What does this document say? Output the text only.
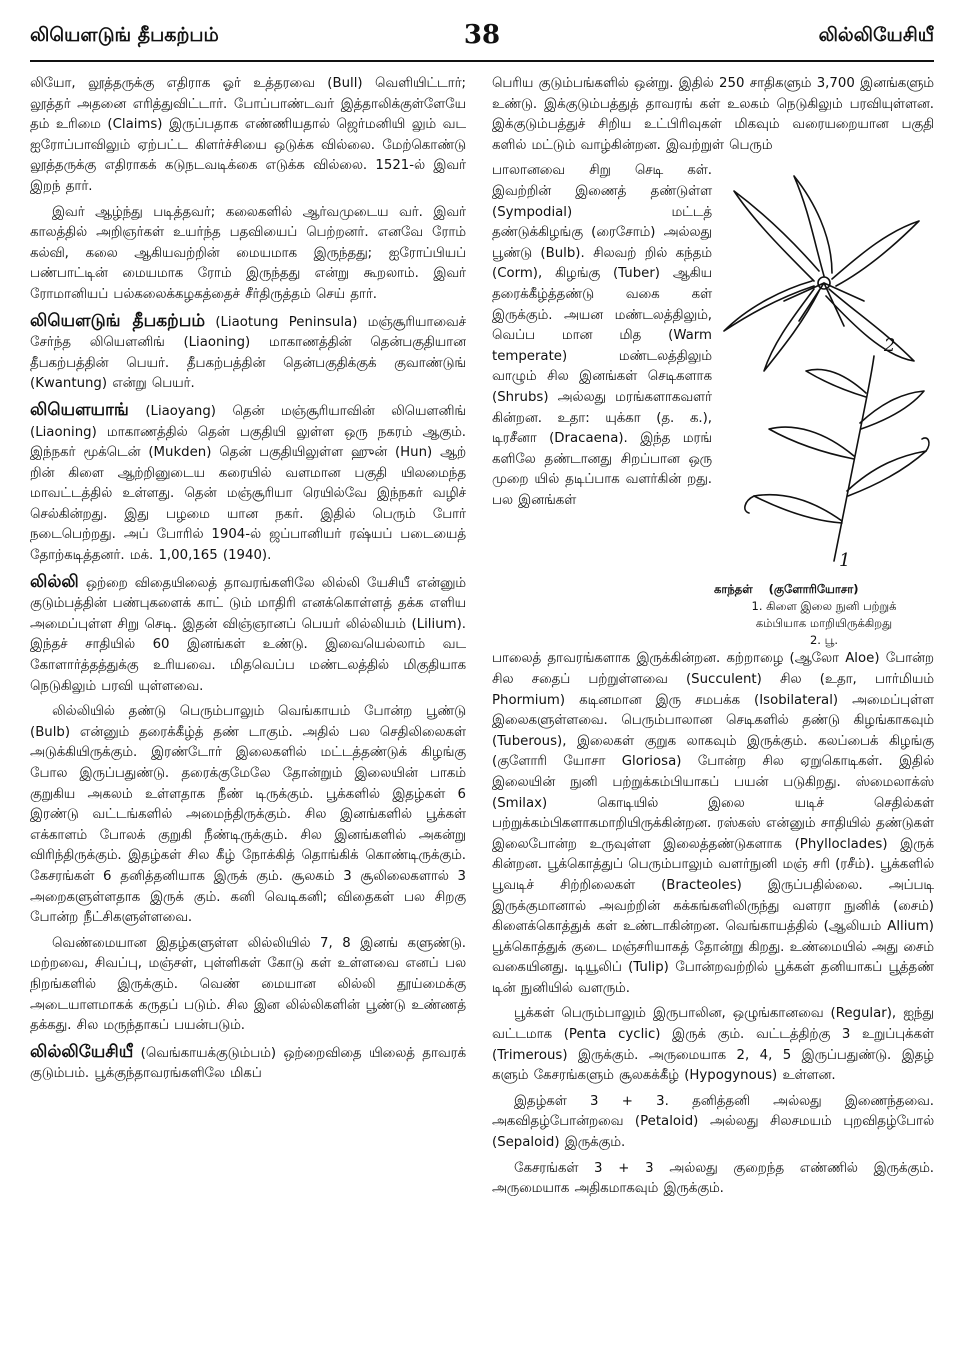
லியௌடுங் தீபகற்பம்	38	லில்லியேசியீ

லியோ, லூத்தருக்கு எதிராக ஓர் உத்தரவை (Bull) வெளியிட்டார்; லூத்தர் அதனை எரித்துவிட்டார். போப்பாண்டவர் இத்தாலிக்குள்ளேயே தம் உரிமை (Claims) இருப்பதாக எண்ணியதால் ஜெர்மனியி லும் வட ஐரோப்பாவிலும் ஏற்பட்ட கிளர்ச்சியை ஒடுக்க வில்லை. மேற்கொண்டு லூத்தருக்கு எதிராகக் கடுநடவடிக்கை எடுக்க வில்லை. 1521-ல் இவர் இறந் தார்.

இவர் ஆழ்ந்து படித்தவர்; கலைகளில் ஆர்வமுடைய வர். இவர் காலத்தில் அறிஞர்கள் உயர்ந்த பதவியைப் பெற்றனர். எனவே ரோம் கல்வி, கலை ஆகியவற்றின் மையமாக இருந்தது; ஐரோப்பியப் பண்பாட்டின் மையமாக ரோம் இருந்தது என்று கூறலாம். இவர் ரோமானியப் பல்கலைக்கழகத்தைச் சீர்திருத்தம் செய் தார்.

லியௌடுங் தீபகற்பம் (Liaotung Peninsula) மஞ்சூரியாவைச் சேர்ந்த லியௌனிங் (Liaoning) மாகாணத்தின் தென்பகுதியான தீபகற்பத்தின் பெயர். தீபகற்பத்தின் தென்பகுதிக்குக் குவாண்டுங் (Kwantung) என்று பெயர்.

லியௌயாங் (Liaoyang) தென் மஞ்சூரியாவின் லியௌனிங் (Liaoning) மாகாணத்தில் தென் பகுதியி லுள்ள ஒரு நகரம் ஆகும். இந்நகர் மூக்டென் (Mukden) தென் பகுதியிலுள்ள ஹுன் (Hun) ஆற் றின் கிளை ஆற்றினுடைய கரையில் வளமான பகுதி யிலமைந்த மாவட்டத்தில் உள்ளது. தென் மஞ்சூரியா ரெயில்வே இந்நகர் வழிச் செல்கின்றது. இது பழமை யான நகர். இதில் பெரும் போர் நடைபெற்றது. அப் போரில் 1904-ல் ஜப்பானியர் ரஷ்யப் படையைத் தோற்கடித்தனர். மக். 1,00,165 (1940).

லில்லி ஒற்றை விதையிலைத் தாவரங்களிலே லில்லி யேசியீ என்னும் குடும்பத்தின் பண்புகளைக் காட் டும் மாதிரி எனக்கொள்ளத் தக்க எளிய அமைப்புள்ள சிறு செடி. இதன் விஞ்ஞானப் பெயர் லில்லியம் (Lilium). இந்தச் சாதியில் 60 இனங்கள் உண்டு. இவையெல்லாம் வட கோளார்த்தத்துக்கு உரியவை. மிதவெப்ப மண்டலத்தில் மிகுதியாக நெடுகிலும் பரவி யுள்ளவை.

லில்லியில் தண்டு பெரும்பாலும் வெங்காயம் போன்ற பூண்டு (Bulb) என்னும் தரைக்கீழ்த் தண் டாகும். அதில் பல செதிலிலைகள் அடுக்கியிருக்கும். இரண்டோர் இலைகளில் மட்டத்தண்டுக் கிழங்கு போல இருப்பதுண்டு. தரைக்குமேலே தோன்றும் இலையின் பாகம் குறுகிய அகலம் உள்ளதாக நீண் டிருக்கும். பூக்களில் இதழ்கள் 6 இரண்டு வட்டங்களில் அமைந்திருக்கும். சில இனங்களில் பூக்கள் எக்காளம் போலக் குறுகி நீண்டிருக்கும். சில இனங்களில் அகன்று விரிந்திருக்கும். இதழ்கள் சில கீழ் நோக்கித் தொங்கிக் கொண்டிருக்கும். கேசரங்கள் 6 தனித்தனியாக இருக் கும். சூலகம் 3 சூலிலைகளால் 3 அறைகளுள்ளதாக இருக் கும். கனி வெடிகனி; விதைகள் பல சிறகு போன்ற நீட்சிகளுள்ளவை.

வெண்மையான இதழ்களுள்ள லில்லியில் 7, 8 இனங் களுண்டு. மற்றவை, சிவப்பு, மஞ்சள், புள்ளிகள் கோடு கள் உள்ளவை எனப் பல நிறங்களில் இருக்கும். வெண் மையான லில்லி தூய்மைக்கு அடையாளமாகக் கருதப் படும். சில இன லில்லிகளின் பூண்டு உண்ணத் தக்கது. சில மருந்தாகப் பயன்படும்.

லில்லியேசியீ (வெங்காயக்குடும்பம்) ஒற்றைவிதை யிலைத் தாவரக் குடும்பம். பூக்குந்தாவரங்களிலே மிகப்

பெரிய குடும்பங்களில் ஒன்று. இதில் 250 சாதிகளும் 3,700 இனங்களும் உண்டு. இக்குடும்பத்துத் தாவரங் கள் உலகம் நெடுகிலும் பரவியுள்ளன. இக்குடும்பத்துச் சிறிய உட்பிரிவுகள் மிகவும் வரையறையான பகுதி களில் மட்டும் வாழ்கின்றன. இவற்றுள் பெரும்

2
1

காந்தள் (குளோரியோசா)

1. கிளை இலை நுனி பற்றுக்

கம்பியாக மாறியிருக்கிறது

2. பூ.

பாலானவை சிறு செடி கள். இவற்றின் இணைத் தண்டுள்ள (Sympodial) மட்டத் தண்டுக்கிழங்கு (ரைசோம்) அல்லது பூண்டு (Bulb). சிலவற் றில் கந்தம் (Corm), கிழங்கு (Tuber) ஆகிய தரைக்கீழ்த்தண்டு வகை கள் இருக்கும். அயன மண்டலத்திலும், வெப்ப மான மித (Warm temperate) மண்டலத்திலும் வாழும் சில இனங்கள் செடிகளாக (Shrubs) அல்லது மரங்களாகவளர் கின்றன. உதா: யுக்கா (த. க.), டிரசீனா (Dracaena). இந்த மரங் களிலே தண்டானது சிறப்பான ஒரு முறை யில் தடிப்பாக வளர்கின் றது. பல இனங்கள்

பாலைத் தாவரங்களாக இருக்கின்றன. கற்றாழை (ஆலோ Aloe) போன்ற சில சதைப் பற்றுள்ளவை (Succulent) சில (உதா, பார்மியம் Phormium) கடினமான இரு சமபக்க (Isobilateral) அமைப்புள்ள இலைகளுள்ளவை. பெரும்பாலான செடிகளில் தண்டு கிழங்காகவும் (Tuberous), இலைகள் குறுக லாகவும் இருக்கும். கலப்பைக் கிழங்கு (குளோரி யோசா Gloriosa) போன்ற சில ஏறுகொடிகள். இதில் இலையின் நுனி பற்றுக்கம்பியாகப் பயன் படுகிறது. ஸ்மைலாக்ஸ் (Smilax) கொடியில் இலை யடிச் செதில்கள் பற்றுக்கம்பிகளாகமாறியிருக்கின்றன. ரஸ்கஸ் என்னும் சாதியில் தண்டுகள் இலைபோன்ற உருவுள்ள இலைத்தண்டுகளாக (Phylloclades) இருக் கின்றன. பூக்கொத்துப் பெரும்பாலும் வளர்நுனி மஞ் சரி (ரசீம்). பூக்களில் பூவடிச் சிற்றிலைகள் (Bracteoles) இருப்பதில்லை. அப்படி இருக்குமானால் அவற்றின் கக்கங்களிலிருந்து வளரா நுனிக் (சைம்) கிளைக்கொத்துக் கள் உண்டாகின்றன. வெங்காயத்தில் (ஆலியம் Allium) பூக்கொத்துக் குடை மஞ்சரியாகத் தோன்று கிறது. உண்மையில் அது சைம் வகையினது. டியூலிப் (Tulip) போன்றவற்றில் பூக்கள் தனியாகப் பூத்தண் டின் நுனியில் வளரும்.

பூக்கள் பெரும்பாலும் இருபாலின, ஒழுங்கானவை (Regular), ஐந்து வட்டமாக (Penta cyclic) இருக் கும். வட்டத்திற்கு 3 உறுப்புக்கள் (Trimerous) இருக்கும். அருமையாக 2, 4, 5 இருப்பதுண்டு. இதழ் களும் கேசரங்களும் சூலகக்கீழ் (Hypogynous) உள்ளன.

இதழ்கள் 3 + 3. தனித்தனி அல்லது இணைந்தவை. அகவிதழ்போன்றவை (Petaloid) அல்லது சிலசமயம் புறவிதழ்போல் (Sepaloid) இருக்கும்.

கேசரங்கள் 3 + 3 அல்லது குறைந்த எண்ணில் இருக்கும். அருமையாக அதிகமாகவும் இருக்கும்.
